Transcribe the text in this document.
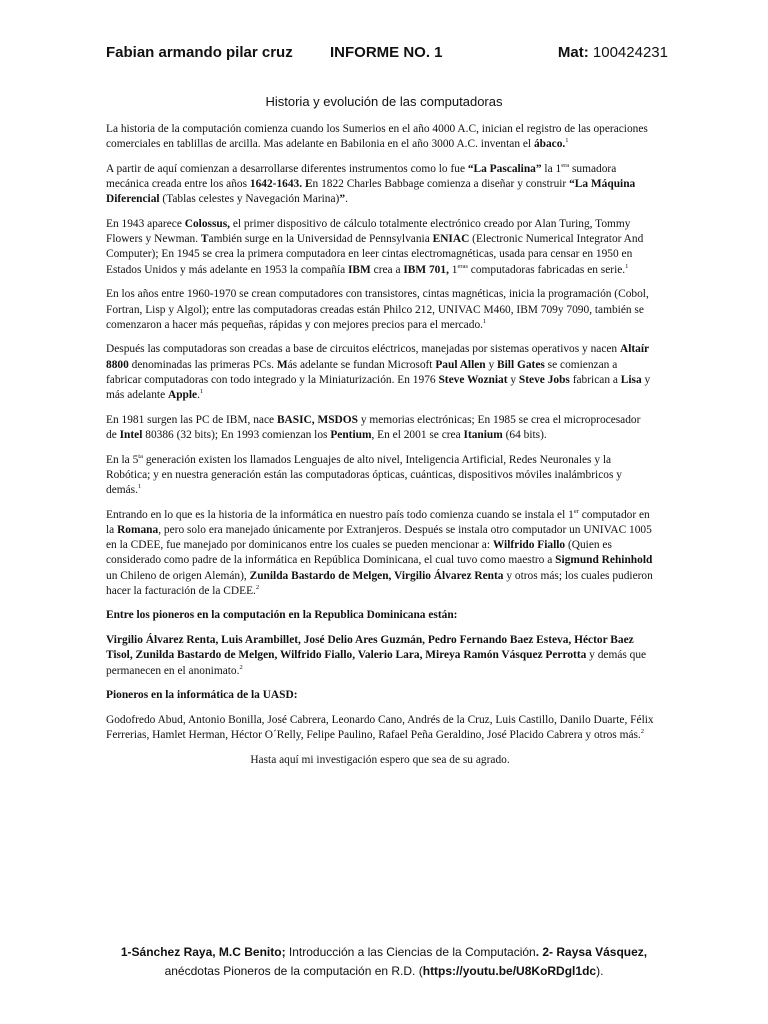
Fabian armando pilar cruz INFORME NO. 1	Mat: 100424231
Historia y evolución de las computadoras

La historia de la computación comienza cuando los Sumerios en el año 4000 A.C, inician el registro de las operaciones comerciales en tablillas de arcilla. Mas adelante en Babilonia en el año 3000 A.C. inventan el ábaco.$^1$

A partir de aquí comienzan a desarrollarse diferentes instrumentos como lo fue “La Pascalina” la $1^{era}$ sumadora mecánica creada entre los años 1642-1643. En 1822 Charles Babbage comienza a diseñar y construir “La Máquina Diferencial (Tablas celestes y Navegación Marina)”.

En 1943 aparece Colossus, el primer dispositivo de cálculo totalmente electrónico creado por Alan Turing, Tommy Flowers y Newman. También surge en la Universidad de Pennsylvania ENIAC (Electronic Numerical Integrator And Computer); En 1945 se crea la primera computadora en leer cintas electromagnéticas, usada para censar en 1950 en Estados Unidos y más adelante en 1953 la compañía IBM crea a IBM 701, $1^{eras}$ computadoras fabricadas en serie.$^1$

En los años entre 1960-1970 se crean computadores con transistores, cintas magnéticas, inicia la programación (Cobol, Fortran, Lisp y Algol); entre las computadoras creadas están Philco 212, UNIVAC M460, IBM 709y 7090, también se comenzaron a hacer más pequeñas, rápidas y con mejores precios para el mercado.$^1$

Después las computadoras son creadas a base de circuitos eléctricos, manejadas por sistemas operativos y nacen Altaír 8800 denominadas las primeras PCs. Más adelante se fundan Microsoft Paul Allen y Bill Gates se comienzan a fabricar computadoras con todo integrado y la Miniaturización. En 1976 Steve Wozniat y Steve Jobs fabrican a Lisa y más adelante Apple.$^1$

En 1981 surgen las PC de IBM, nace BASIC, MSDOS y memorias electrónicas; En 1985 se crea el microprocesador de Intel 80386 (32 bits); En 1993 comienzan los Pentium, En el 2001 se crea Itanium (64 bits).

En la $5^{ta}$ generación existen los llamados Lenguajes de alto nivel, Inteligencia Artificial, Redes Neuronales y la Robótica; y en nuestra generación están las computadoras ópticas, cuánticas, dispositivos móviles inalámbricos y demás.$^1$

Entrando en lo que es la historia de la informática en nuestro país todo comienza cuando se instala el 1er computador en la Romana, pero solo era manejado únicamente por Extranjeros. Después se instala otro computador un UNIVAC 1005 en la CDEE, fue manejado por dominicanos entre los cuales se pueden mencionar a: Wilfrido Fiallo (Quien es considerado como padre de la informática en República Dominicana, el cual tuvo como maestro a Sigmund Rehinhold un Chileno de origen Alemán), Zunilda Bastardo de Melgen, Virgilio Álvarez Renta y otros más; los cuales pudieron hacer la facturación de la CDEE.$^2$

Entre los pioneros en la computación en la Republica Dominicana están:

Virgilio Álvarez Renta, Luis Arambillet, José Delio Ares Guzmán, Pedro Fernando Baez Esteva, Héctor Baez Tisol, Zunilda Bastardo de Melgen, Wilfrido Fiallo, Valerio Lara, Mireya Ramón Vásquez Perrotta y demás que permanecen en el anonimato.$^2$

Pioneros en la informática de la UASD:

Godofredo Abud, Antonio Bonilla, José Cabrera, Leonardo Cano, Andrés de la Cruz, Luis Castillo, Danilo Duarte, Félix Ferrerias, Hamlet Herman, Héctor O´Relly, Felipe Paulino, Rafael Peña Geraldino, José Placido Cabrera y otros más.$^2$

Hasta aquí mi investigación espero que sea de su agrado.

1-Sánchez Raya, M.C Benito; Introducción a las Ciencias de la Computación. 2- Raysa Vásquez,
anécdotas Pioneros de la computación en R.D. (https://youtu.be/U8KoRDgl1dc).
